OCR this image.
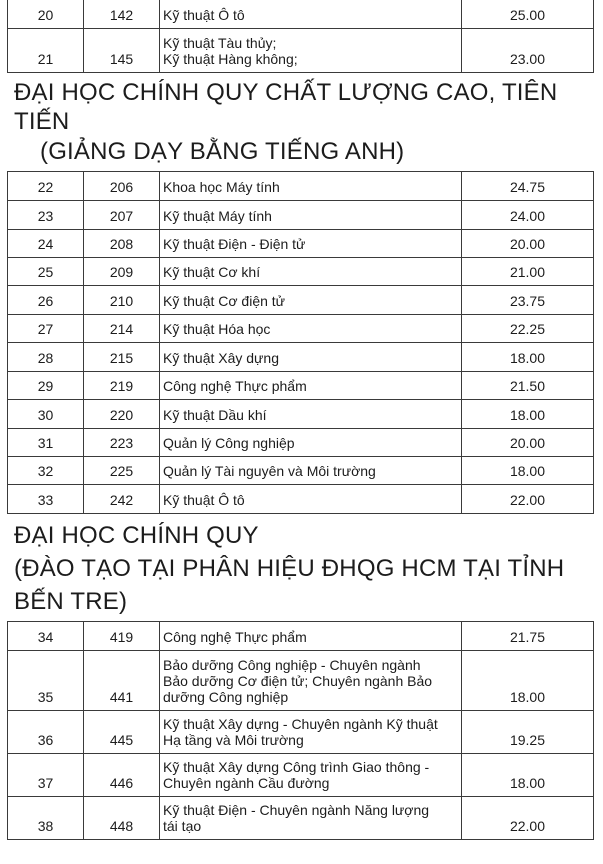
20	142	Kỹ thuật Ô tô	25.00
21	145	Kỹ thuật Tàu thủy;
Kỹ thuật Hàng không;	23.00
ĐẠI HỌC CHÍNH QUY CHẤT LƯỢNG CAO, TIÊN
TIẾN
(GIẢNG DẠY BẰNG TIẾNG ANH)
22	206	Khoa học Máy tính	24.75
23	207	Kỹ thuật Máy tính	24.00
24	208	Kỹ thuật Điện - Điện tử	20.00
25	209	Kỹ thuật Cơ khí	21.00
26	210	Kỹ thuật Cơ điện tử	23.75
27	214	Kỹ thuật Hóa học	22.25
28	215	Kỹ thuật Xây dựng	18.00
29	219	Công nghệ Thực phẩm	21.50
30	220	Kỹ thuật Dầu khí	18.00
31	223	Quản lý Công nghiệp	20.00
32	225	Quản lý Tài nguyên và Môi trường	18.00
33	242	Kỹ thuật Ô tô	22.00
ĐẠI HỌC CHÍNH QUY
(ĐÀO TẠO TẠI PHÂN HIỆU ĐHQG HCM TẠI TỈNH
BẾN TRE)
34	419	Công nghệ Thực phẩm	21.75
35	441	Bảo dưỡng Công nghiệp - Chuyên ngành
Bảo dưỡng Cơ điện tử; Chuyên ngành Bảo
dưỡng Công nghiệp	18.00
36	445	Kỹ thuật Xây dựng - Chuyên ngành Kỹ thuật
Hạ tầng và Môi trường	19.25
37	446	Kỹ thuật Xây dựng Công trình Giao thông -
Chuyên ngành Cầu đường	18.00
38	448	Kỹ thuật Điện - Chuyên ngành Năng lượng
tái tạo	22.00
